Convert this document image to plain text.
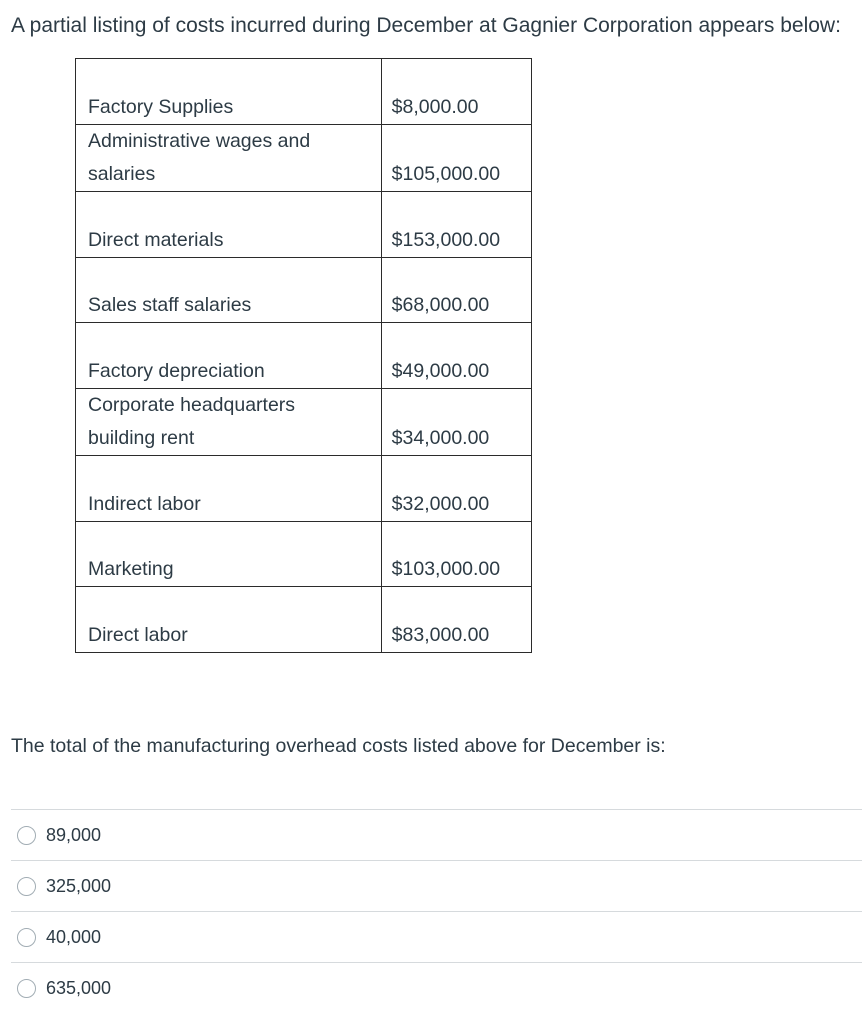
A partial listing of costs incurred during December at Gagnier Corporation appears below:
Factory Supplies	$8,000.00

Administrative wages and
salaries	$105,000.00

Direct materials	$153,000.00

Sales staff salaries	$68,000.00

Factory depreciation	$49,000.00

Corporate headquarters
building rent	$34,000.00

Indirect labor	$32,000.00

Marketing	$103,000.00

Direct labor	$83,000.00
The total of the manufacturing overhead costs listed above for December is:
89,000
325,000
40,000
635,000
